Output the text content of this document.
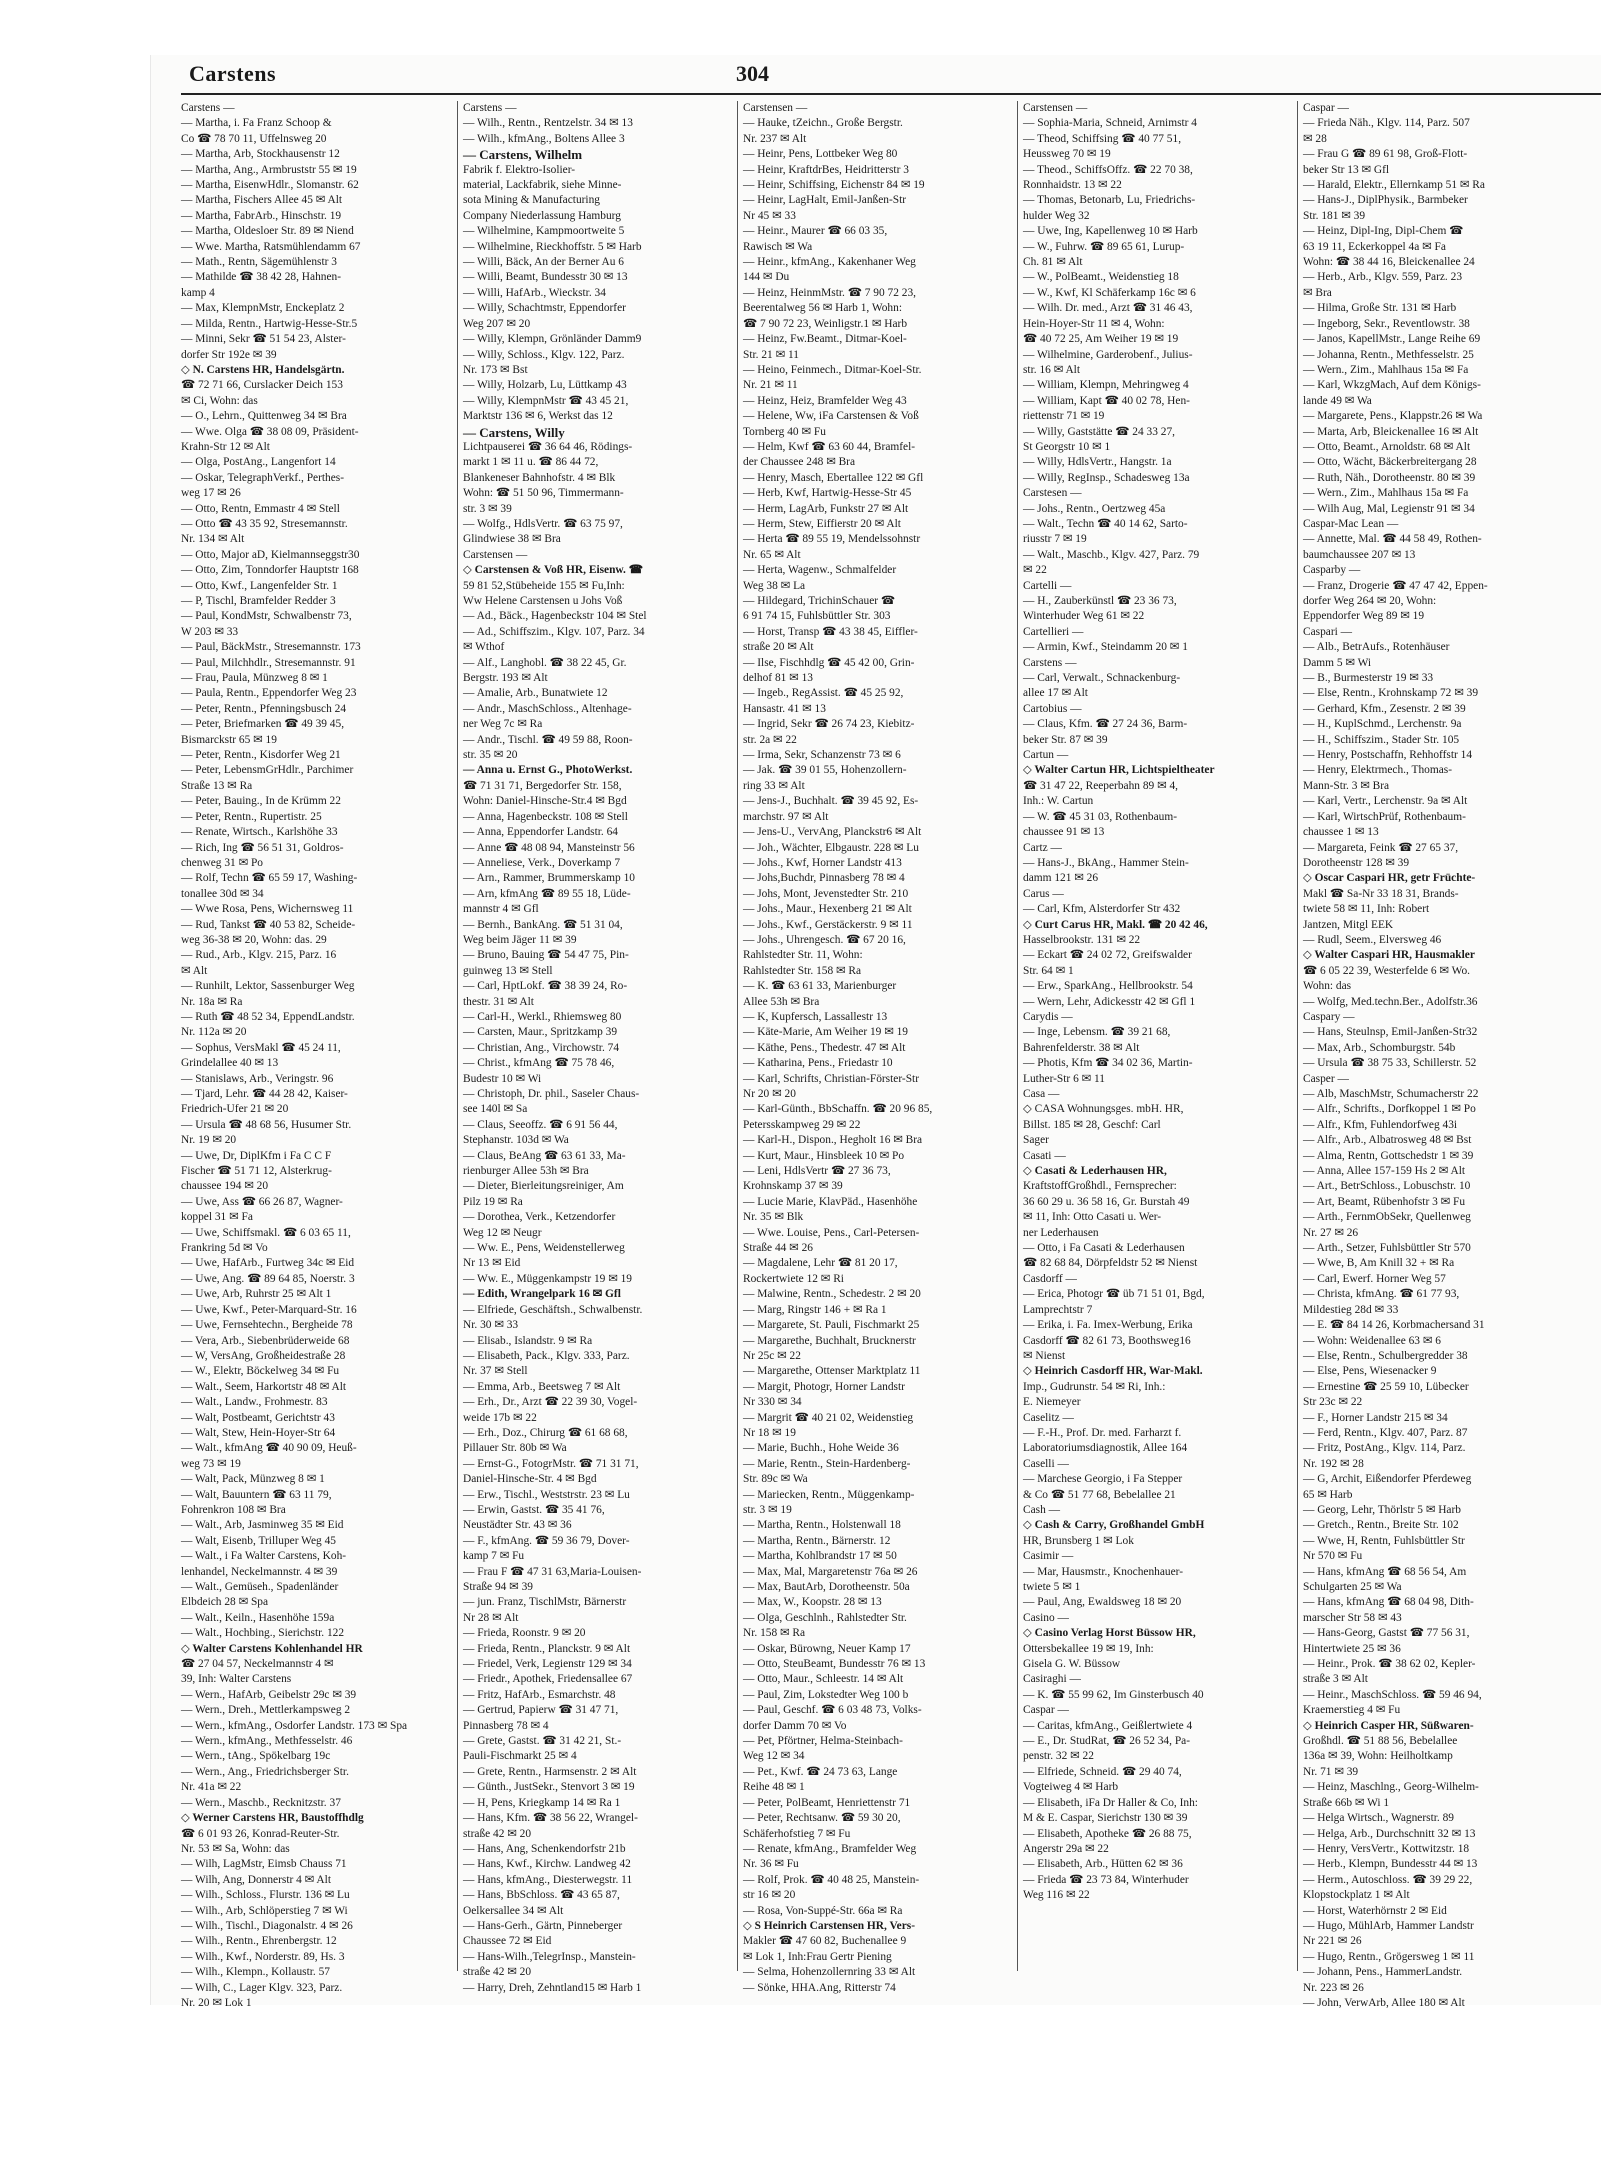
Carstens	304
Carstens —
— Martha, i. Fa Franz Schoop &
Co ☎ 78 70 11, Uffelnsweg 20
— Martha, Arb, Stockhausenstr 12
— Martha, Ang., Armbruststr 55 ✉ 19
— Martha, EisenwHdlr., Slomanstr. 62
— Martha, Fischers Allee 45 ✉ Alt
— Martha, FabrArb., Hinschstr. 19
— Martha, Oldesloer Str. 89 ✉ Niend
— Wwe. Martha, Ratsmühlendamm 67
— Math., Rentn, Sägemühlenstr 3
— Mathilde ☎ 38 42 28, Hahnen-
kamp 4
— Max, KlempnMstr, Enckeplatz 2
— Milda, Rentn., Hartwig-Hesse-Str.5
— Minni, Sekr ☎ 51 54 23, Alster-
dorfer Str 192e ✉ 39
◇ N. Carstens HR, Handelsgärtn.
☎ 72 71 66, Curslacker Deich 153
✉ Ci, Wohn: das
— O., Lehrn., Quittenweg 34 ✉ Bra
— Wwe. Olga ☎ 38 08 09, Präsident-
Krahn-Str 12 ✉ Alt
— Olga, PostAng., Langenfort 14
— Oskar, TelegraphVerkf., Perthes-
weg 17 ✉ 26
— Otto, Rentn, Emmastr 4 ✉ Stell
— Otto ☎ 43 35 92, Stresemannstr.
Nr. 134 ✉ Alt
— Otto, Major aD, Kielmannseggstr30
— Otto, Zim, Tonndorfer Hauptstr 168
— Otto, Kwf., Langenfelder Str. 1
— P, Tischl, Bramfelder Redder 3
— Paul, KondMstr, Schwalbenstr 73,
W 203 ✉ 33
— Paul, BäckMstr., Stresemannstr. 173
— Paul, Milchhdlr., Stresemannstr. 91
— Frau, Paula, Münzweg 8 ✉ 1
— Paula, Rentn., Eppendorfer Weg 23
— Peter, Rentn., Pfenningsbusch 24
— Peter, Briefmarken ☎ 49 39 45,
Bismarckstr 65 ✉ 19
— Peter, Rentn., Kisdorfer Weg 21
— Peter, LebensmGrHdlr., Parchimer
Straße 13 ✉ Ra
— Peter, Bauing., In de Krümm 22
— Peter, Rentn., Rupertistr. 25
— Renate, Wirtsch., Karlshöhe 33
— Rich, Ing ☎ 56 51 31, Goldros-
chenweg 31 ✉ Po
— Rolf, Techn ☎ 65 59 17, Washing-
tonallee 30d ✉ 34
— Wwe Rosa, Pens, Wichernsweg 11
— Rud, Tankst ☎ 40 53 82, Scheide-
weg 36-38 ✉ 20, Wohn: das. 29
— Rud., Arb., Klgv. 215, Parz. 16
✉ Alt
— Runhilt, Lektor, Sassenburger Weg
Nr. 18a ✉ Ra
— Ruth ☎ 48 52 34, EppendLandstr.
Nr. 112a ✉ 20
— Sophus, VersMakl ☎ 45 24 11,
Grindelallee 40 ✉ 13
— Stanislaws, Arb., Veringstr. 96
— Tjard, Lehr. ☎ 44 28 42, Kaiser-
Friedrich-Ufer 21 ✉ 20
— Ursula ☎ 48 68 56, Husumer Str.
Nr. 19 ✉ 20
— Uwe, Dr, DiplKfm i Fa C C F
Fischer ☎ 51 71 12, Alsterkrug-
chaussee 194 ✉ 20
— Uwe, Ass ☎ 66 26 87, Wagner-
koppel 31 ✉ Fa
— Uwe, Schiffsmakl. ☎ 6 03 65 11,
Frankring 5d ✉ Vo
— Uwe, HafArb., Furtweg 34c ✉ Eid
— Uwe, Ang. ☎ 89 64 85, Noerstr. 3
— Uwe, Arb, Ruhrstr 25 ✉ Alt 1
— Uwe, Kwf., Peter-Marquard-Str. 16
— Uwe, Fernsehtechn., Bergheide 78
— Vera, Arb., Siebenbrüderweide 68
— W, VersAng, Großheidestraße 28
— W., Elektr, Böckelweg 34 ✉ Fu
— Walt., Seem, Harkortstr 48 ✉ Alt
— Walt., Landw., Frohmestr. 83
— Walt, Postbeamt, Gerichtstr 43
— Walt, Stew, Hein-Hoyer-Str 64
— Walt., kfmAng ☎ 40 90 09, Heuß-
weg 73 ✉ 19
— Walt, Pack, Münzweg 8 ✉ 1
— Walt, Bauuntern ☎ 63 11 79,
Fohrenkron 108 ✉ Bra
— Walt., Arb, Jasminweg 35 ✉ Eid
— Walt, Eisenb, Trilluper Weg 45
— Walt., i Fa Walter Carstens, Koh-
lenhandel, Neckelmannstr. 4 ✉ 39
— Walt., Gemüseh., Spadenländer
Elbdeich 28 ✉ Spa
— Walt., Keiln., Hasenhöhe 159a
— Walt., Hochbing., Sierichstr. 122
◇ Walter Carstens Kohlenhandel HR
☎ 27 04 57, Neckelmannstr 4 ✉
39, Inh: Walter Carstens
— Wern., HafArb, Geibelstr 29c ✉ 39
— Wern., Dreh., Mettlerkampsweg 2
— Wern., kfmAng., Osdorfer Landstr. 173 ✉ Spa
— Wern., kfmAng., Methfesselstr. 46
— Wern., tAng., Spökelbarg 19c
— Wern., Ang., Friedrichsberger Str.
Nr. 41a ✉ 22
— Wern., Maschb., Recknitzstr. 37
◇ Werner Carstens HR, Baustoffhdlg
☎ 6 01 93 26, Konrad-Reuter-Str.
Nr. 53 ✉ Sa, Wohn: das
— Wilh, LagMstr, Eimsb Chauss 71
— Wilh, Ang, Donnerstr 4 ✉ Alt
— Wilh., Schloss., Flurstr. 136 ✉ Lu
— Wilh., Arb, Schlöperstieg 7 ✉ Wi
— Wilh., Tischl., Diagonalstr. 4 ✉ 26
— Wilh., Rentn., Ehrenbergstr. 12
— Wilh., Kwf., Norderstr. 89, Hs. 3
— Wilh., Klempn., Kollaustr. 57
— Wilh, C., Lager Klgv. 323, Parz.
Nr. 20 ✉ Lok 1
Carstens —
— Wilh., Rentn., Rentzelstr. 34 ✉ 13
— Wilh., kfmAng., Boltens Allee 3
— Carstens, Wilhelm
Fabrik f. Elektro-Isolier-
material, Lackfabrik, siehe Minne-
sota Mining & Manufacturing
Company Niederlassung Hamburg
— Wilhelmine, Kampmoortweite 5
— Wilhelmine, Rieckhoffstr. 5 ✉ Harb
— Willi, Bäck, An der Berner Au 6
— Willi, Beamt, Bundesstr 30 ✉ 13
— Willi, HafArb., Wieckstr. 34
— Willy, Schachtmstr, Eppendorfer
Weg 207 ✉ 20
— Willy, Klempn, Grönländer Damm9
— Willy, Schloss., Klgv. 122, Parz.
Nr. 173 ✉ Bst
— Willy, Holzarb, Lu, Lüttkamp 43
— Willy, KlempnMstr ☎ 43 45 21,
Marktstr 136 ✉ 6, Werkst das 12
— Carstens, Willy
Lichtpauserei ☎ 36 64 46, Rödings-
markt 1 ✉ 11 u. ☎ 86 44 72,
Blankeneser Bahnhofstr. 4 ✉ Blk
Wohn: ☎ 51 50 96, Timmermann-
str. 3 ✉ 39
— Wolfg., HdlsVertr. ☎ 63 75 97,
Glindwiese 38 ✉ Bra
Carstensen —
◇ Carstensen & Voß HR, Eisenw. ☎
59 81 52,Stübeheide 155 ✉ Fu,Inh:
Ww Helene Carstensen u Johs Voß
— Ad., Bäck., Hagenbeckstr 104 ✉ Stel
— Ad., Schiffszim., Klgv. 107, Parz. 34
✉ Wthof
— Alf., Langhobl. ☎ 38 22 45, Gr.
Bergstr. 193 ✉ Alt
— Amalie, Arb., Bunatwiete 12
— Andr., MaschSchloss., Altenhage-
ner Weg 7c ✉ Ra
— Andr., Tischl. ☎ 49 59 88, Roon-
str. 35 ✉ 20
— Anna u. Ernst G., PhotoWerkst.
☎ 71 31 71, Bergedorfer Str. 158,
Wohn: Daniel-Hinsche-Str.4 ✉ Bgd
— Anna, Hagenbeckstr. 108 ✉ Stell
— Anna, Eppendorfer Landstr. 64
— Anne ☎ 48 08 94, Mansteinstr 56
— Anneliese, Verk., Doverkamp 7
— Arn., Rammer, Brummerskamp 10
— Arn, kfmAng ☎ 89 55 18, Lüde-
mannstr 4 ✉ Gfl
— Bernh., BankAng. ☎ 51 31 04,
Weg beim Jäger 11 ✉ 39
— Bruno, Bauing ☎ 54 47 75, Pin-
guinweg 13 ✉ Stell
— Carl, HptLokf. ☎ 38 39 24, Ro-
thestr. 31 ✉ Alt
— Carl-H., Werkl., Rhiemsweg 80
— Carsten, Maur., Spritzkamp 39
— Christian, Ang., Virchowstr. 74
— Christ., kfmAng ☎ 75 78 46,
Budestr 10 ✉ Wi
— Christoph, Dr. phil., Saseler Chaus-
see 140l ✉ Sa
— Claus, Seeoffz. ☎ 6 91 56 44,
Stephanstr. 103d ✉ Wa
— Claus, BeAng ☎ 63 61 33, Ma-
rienburger Allee 53h ✉ Bra
— Dieter, Bierleitungsreiniger, Am
Pilz 19 ✉ Ra
— Dorothea, Verk., Ketzendorfer
Weg 12 ✉ Neugr
— Ww. E., Pens, Weidenstellerweg
Nr 13 ✉ Eid
— Ww. E., Müggenkampstr 19 ✉ 19
— Edith, Wrangelpark 16 ✉ Gfl
— Elfriede, Geschäftsh., Schwalbenstr.
Nr. 30 ✉ 33
— Elisab., Islandstr. 9 ✉ Ra
— Elisabeth, Pack., Klgv. 333, Parz.
Nr. 37 ✉ Stell
— Emma, Arb., Beetsweg 7 ✉ Alt
— Erh., Dr., Arzt ☎ 22 39 30, Vogel-
weide 17b ✉ 22
— Erh., Doz., Chirurg ☎ 61 68 68,
Pillauer Str. 80b ✉ Wa
— Ernst-G., FotogrMstr. ☎ 71 31 71,
Daniel-Hinsche-Str. 4 ✉ Bgd
— Erw., Tischl., Weststrstr. 23 ✉ Lu
— Erwin, Gastst. ☎ 35 41 76,
Neustädter Str. 43 ✉ 36
— F., kfmAng. ☎ 59 36 79, Dover-
kamp 7 ✉ Fu
— Frau F ☎ 47 31 63,Maria-Louisen-
Straße 94 ✉ 39
— jun. Franz, TischlMstr, Bärnerstr
Nr 28 ✉ Alt
— Frieda, Roonstr. 9 ✉ 20
— Frieda, Rentn., Planckstr. 9 ✉ Alt
— Friedel, Verk, Legienstr 129 ✉ 34
— Friedr., Apothek, Friedensallee 67
— Fritz, HafArb., Esmarchstr. 48
— Gertrud, Papierw ☎ 31 47 71,
Pinnasberg 78 ✉ 4
— Grete, Gastst. ☎ 31 42 21, St.-
Pauli-Fischmarkt 25 ✉ 4
— Grete, Rentn., Harmsenstr. 2 ✉ Alt
— Günth., JustSekr., Stenvort 3 ✉ 19
— H, Pens, Kriegkamp 14 ✉ Ra 1
— Hans, Kfm. ☎ 38 56 22, Wrangel-
straße 42 ✉ 20
— Hans, Ang, Schenkendorfstr 21b
— Hans, Kwf., Kirchw. Landweg 42
— Hans, kfmAng., Diesterwegstr. 11
— Hans, BbSchloss. ☎ 43 65 87,
Oelkersallee 34 ✉ Alt
— Hans-Gerh., Gärtn, Pinneberger
Chaussee 72 ✉ Eid
— Hans-Wilh.,TelegrInsp., Manstein-
straße 42 ✉ 20
— Harry, Dreh, Zehntland15 ✉ Harb 1
Carstensen —
— Hauke, tZeichn., Große Bergstr.
Nr. 237 ✉ Alt
— Heinr, Pens, Lottbeker Weg 80
— Heinr, KraftdrBes, Heidritterstr 3
— Heinr, Schiffsing, Eichenstr 84 ✉ 19
— Heinr, LagHalt, Emil-Janßen-Str
Nr 45 ✉ 33
— Heinr., Maurer ☎ 66 03 35,
Rawisch ✉ Wa
— Heinr., kfmAng., Kakenhaner Weg
144 ✉ Du
— Heinz, HeinmMstr. ☎ 7 90 72 23,
Beerentalweg 56 ✉ Harb 1, Wohn:
☎ 7 90 72 23, Weinligstr.1 ✉ Harb
— Heinz, Fw.Beamt., Ditmar-Koel-
Str. 21 ✉ 11
— Heino, Feinmech., Ditmar-Koel-Str.
Nr. 21 ✉ 11
— Heinz, Heiz, Bramfelder Weg 43
— Helene, Ww, iFa Carstensen & Voß
Tornberg 40 ✉ Fu
— Helm, Kwf ☎ 63 60 44, Bramfel-
der Chaussee 248 ✉ Bra
— Henry, Masch, Ebertallee 122 ✉ Gfl
— Herb, Kwf, Hartwig-Hesse-Str 45
— Herm, LagArb, Funkstr 27 ✉ Alt
— Herm, Stew, Eiffierstr 20 ✉ Alt
— Herta ☎ 89 55 19, Mendelssohnstr
Nr. 65 ✉ Alt
— Herta, Wagenw., Schmalfelder
Weg 38 ✉ La
— Hildegard, TrichinSchauer ☎
6 91 74 15, Fuhlsbüttler Str. 303
— Horst, Transp ☎ 43 38 45, Eiffler-
straße 20 ✉ Alt
— Ilse, Fischhdlg ☎ 45 42 00, Grin-
delhof 81 ✉ 13
— Ingeb., RegAssist. ☎ 45 25 92,
Hansastr. 41 ✉ 13
— Ingrid, Sekr ☎ 26 74 23, Kiebitz-
str. 2a ✉ 22
— Irma, Sekr, Schanzenstr 73 ✉ 6
— Jak. ☎ 39 01 55, Hohenzollern-
ring 33 ✉ Alt
— Jens-J., Buchhalt. ☎ 39 45 92, Es-
marchstr. 97 ✉ Alt
— Jens-U., VervAng, Planckstr6 ✉ Alt
— Joh., Wächter, Elbgaustr. 228 ✉ Lu
— Johs., Kwf, Horner Landstr 413
— Johs,Buchdr, Pinnasberg 78 ✉ 4
— Johs, Mont, Jevenstedter Str. 210
— Johs., Maur., Hexenberg 21 ✉ Alt
— Johs., Kwf., Gerstäckerstr. 9 ✉ 11
— Johs., Uhrengesch. ☎ 67 20 16,
Rahlstedter Str. 11, Wohn:
Rahlstedter Str. 158 ✉ Ra
— K. ☎ 63 61 33, Marienburger
Allee 53h ✉ Bra
— K, Kupfersch, Lassallestr 13
— Käte-Marie, Am Weiher 19 ✉ 19
— Käthe, Pens., Thedestr. 47 ✉ Alt
— Katharina, Pens., Friedastr 10
— Karl, Schrifts, Christian-Förster-Str
Nr 20 ✉ 20
— Karl-Günth., BbSchaffn. ☎ 20 96 85,
Petersskampweg 29 ✉ 22
— Karl-H., Dispon., Hegholt 16 ✉ Bra
— Kurt, Maur., Hinsbleek 10 ✉ Po
— Leni, HdlsVertr ☎ 27 36 73,
Krohnskamp 37 ✉ 39
— Lucie Marie, KlavPäd., Hasenhöhe
Nr. 35 ✉ Blk
— Wwe. Louise, Pens., Carl-Petersen-
Straße 44 ✉ 26
— Magdalene, Lehr ☎ 81 20 17,
Rockertwiete 12 ✉ Ri
— Malwine, Rentn., Schedestr. 2 ✉ 20
— Marg, Ringstr 146 + ✉ Ra 1
— Margarete, St. Pauli, Fischmarkt 25
— Margarethe, Buchhalt, Brucknerstr
Nr 25c ✉ 22
— Margarethe, Ottenser Marktplatz 11
— Margit, Photogr, Horner Landstr
Nr 330 ✉ 34
— Margrit ☎ 40 21 02, Weidenstieg
Nr 18 ✉ 19
— Marie, Buchh., Hohe Weide 36
— Marie, Rentn., Stein-Hardenberg-
Str. 89c ✉ Wa
— Mariecken, Rentn., Müggenkamp-
str. 3 ✉ 19
— Martha, Rentn., Holstenwall 18
— Martha, Rentn., Bärnerstr. 12
— Martha, Kohlbrandstr 17 ✉ 50
— Max, Mal, Margaretenstr 76a ✉ 26
— Max, BautArb, Dorotheenstr. 50a
— Max, W., Koopstr. 28 ✉ 13
— Olga, Geschlnh., Rahlstedter Str.
Nr. 158 ✉ Ra
— Oskar, Bürowng, Neuer Kamp 17
— Otto, SteuBeamt, Bundesstr 76 ✉ 13
— Otto, Maur., Schleestr. 14 ✉ Alt
— Paul, Zim, Lokstedter Weg 100 b
— Paul, Geschf. ☎ 6 03 48 73, Volks-
dorfer Damm 70 ✉ Vo
— Pet, Pförtner, Helma-Steinbach-
Weg 12 ✉ 34
— Pet., Kwf. ☎ 24 73 63, Lange
Reihe 48 ✉ 1
— Peter, PolBeamt, Henriettenstr 71
— Peter, Rechtsanw. ☎ 59 30 20,
Schäferhofstieg 7 ✉ Fu
— Renate, kfmAng., Bramfelder Weg
Nr. 36 ✉ Fu
— Rolf, Prok. ☎ 40 48 25, Manstein-
str 16 ✉ 20
— Rosa, Von-Suppé-Str. 66a ✉ Ra
◇ S Heinrich Carstensen HR, Vers-
Makler ☎ 47 60 82, Buchenallee 9
✉ Lok 1, Inh:Frau Gertr Piening
— Selma, Hohenzollernring 33 ✉ Alt
— Sönke, HHA.Ang, Ritterstr 74
Carstensen —
— Sophia-Maria, Schneid, Arnimstr 4
— Theod, Schiffsing ☎ 40 77 51,
Heussweg 70 ✉ 19
— Theod., SchiffsOffz. ☎ 22 70 38,
Ronnhaidstr. 13 ✉ 22
— Thomas, Betonarb, Lu, Friedrichs-
hulder Weg 32
— Uwe, Ing, Kapellenweg 10 ✉ Harb
— W., Fuhrw. ☎ 89 65 61, Lurup-
Ch. 81 ✉ Alt
— W., PolBeamt., Weidenstieg 18
— W., Kwf, Kl Schäferkamp 16c ✉ 6
— Wilh. Dr. med., Arzt ☎ 31 46 43,
Hein-Hoyer-Str 11 ✉ 4, Wohn:
☎ 40 72 25, Am Weiher 19 ✉ 19
— Wilhelmine, Garderobenf., Julius-
str. 16 ✉ Alt
— William, Klempn, Mehringweg 4
— William, Kapt ☎ 40 02 78, Hen-
riettenstr 71 ✉ 19
— Willy, Gaststätte ☎ 24 33 27,
St Georgstr 10 ✉ 1
— Willy, HdlsVertr., Hangstr. 1a
— Willy, RegInsp., Schadesweg 13a
Carstesen —
— Johs., Rentn., Oertzweg 45a
— Walt., Techn ☎ 40 14 62, Sarto-
riusstr 7 ✉ 19
— Walt., Maschb., Klgv. 427, Parz. 79
✉ 22
Cartelli —
— H., Zauberkünstl ☎ 23 36 73,
Winterhuder Weg 61 ✉ 22
Cartellieri —
— Armin, Kwf., Steindamm 20 ✉ 1
Carstens —
— Carl, Verwalt., Schnackenburg-
allee 17 ✉ Alt
Cartobius —
— Claus, Kfm. ☎ 27 24 36, Barm-
beker Str. 87 ✉ 39
Cartun —
◇ Walter Cartun HR, Lichtspieltheater
☎ 31 47 22, Reeperbahn 89 ✉ 4,
Inh.: W. Cartun
— W. ☎ 45 31 03, Rothenbaum-
chaussee 91 ✉ 13
Cartz —
— Hans-J., BkAng., Hammer Stein-
damm 121 ✉ 26
Carus —
— Carl, Kfm, Alsterdorfer Str 432
◇ Curt Carus HR, Makl. ☎ 20 42 46,
Hasselbrookstr. 131 ✉ 22
— Eckart ☎ 24 02 72, Greifswalder
Str. 64 ✉ 1
— Erw., SparkAng., Hellbrookstr. 54
— Wern, Lehr, Adickesstr 42 ✉ Gfl 1
Carydis —
— Inge, Lebensm. ☎ 39 21 68,
Bahrenfelderstr. 38 ✉ Alt
— Photis, Kfm ☎ 34 02 36, Martin-
Luther-Str 6 ✉ 11
Casa —
◇ CASA Wohnungsges. mbH. HR,
Billst. 185 ✉ 28, Geschf: Carl
Sager
Casati —
◇ Casati & Lederhausen HR,
KraftstoffGroßhdl., Fernsprecher:
36 60 29 u. 36 58 16, Gr. Burstah 49
✉ 11, Inh: Otto Casati u. Wer-
ner Lederhausen
— Otto, i Fa Casati & Lederhausen
☎ 82 68 84, Dörpfeldstr 52 ✉ Nienst
Casdorff —
— Erica, Photogr ☎ üb 71 51 01, Bgd,
Lamprechtstr 7
— Erika, i. Fa. Imex-Werbung, Erika
Casdorff ☎ 82 61 73, Boothsweg16
✉ Nienst
◇ Heinrich Casdorff HR, War-Makl.
Imp., Gudrunstr. 54 ✉ Ri, Inh.:
E. Niemeyer
Caselitz —
— F.-H., Prof. Dr. med. Farharzt f.
Laboratoriumsdiagnostik, Allee 164
Caselli —
— Marchese Georgio, i Fa Stepper
& Co ☎ 51 77 68, Bebelallee 21
Cash —
◇ Cash & Carry, Großhandel GmbH
HR, Brunsberg 1 ✉ Lok
Casimir —
— Mar, Hausmstr., Knochenhauer-
twiete 5 ✉ 1
— Paul, Ang, Ewaldsweg 18 ✉ 20
Casino —
◇ Casino Verlag Horst Büssow HR,
Ottersbekallee 19 ✉ 19, Inh:
Gisela G. W. Büssow
Casiraghi —
— K. ☎ 55 99 62, Im Ginsterbusch 40
Caspar —
— Caritas, kfmAng., Geißlertwiete 4
— E., Dr. StudRat, ☎ 26 52 34, Pa-
penstr. 32 ✉ 22
— Elfriede, Schneid. ☎ 29 40 74,
Vogteiweg 4 ✉ Harb
— Elisabeth, iFa Dr Haller & Co, Inh:
M & E. Caspar, Sierichstr 130 ✉ 39
— Elisabeth, Apotheke ☎ 26 88 75,
Angerstr 29a ✉ 22
— Elisabeth, Arb., Hütten 62 ✉ 36
— Frieda ☎ 23 73 84, Winterhuder
Weg 116 ✉ 22
Caspar —
— Frieda Näh., Klgv. 114, Parz. 507
✉ 28
— Frau G ☎ 89 61 98, Groß-Flott-
beker Str 13 ✉ Gfl
— Harald, Elektr., Ellernkamp 51 ✉ Ra
— Hans-J., DiplPhysik., Barmbeker
Str. 181 ✉ 39
— Heinz, Dipl-Ing, Dipl-Chem ☎
63 19 11, Eckerkoppel 4a ✉ Fa
Wohn: ☎ 38 44 16, Bleickenallee 24
— Herb., Arb., Klgv. 559, Parz. 23
✉ Bra
— Hilma, Große Str. 131 ✉ Harb
— Ingeborg, Sekr., Reventlowstr. 38
— Janos, KapellMstr., Lange Reihe 69
— Johanna, Rentn., Methfesselstr. 25
— Wern., Zim., Mahlhaus 15a ✉ Fa
— Karl, WkzgMach, Auf dem Königs-
lande 49 ✉ Wa
— Margarete, Pens., Klappstr.26 ✉ Wa
— Marta, Arb, Bleickenallee 16 ✉ Alt
— Otto, Beamt., Arnoldstr. 68 ✉ Alt
— Otto, Wächt, Bäckerbreitergang 28
— Ruth, Näh., Dorotheenstr. 80 ✉ 39
— Wern., Zim., Mahlhaus 15a ✉ Fa
— Wilh Aug, Mal, Legienstr 91 ✉ 34
Caspar-Mac Lean —
— Annette, Mal. ☎ 44 58 49, Rothen-
baumchaussee 207 ✉ 13
Casparby —
— Franz, Drogerie ☎ 47 47 42, Eppen-
dorfer Weg 264 ✉ 20, Wohn:
Eppendorfer Weg 89 ✉ 19
Caspari —
— Alb., BetrAufs., Rotenhäuser
Damm 5 ✉ Wi
— B., Burmesterstr 19 ✉ 33
— Else, Rentn., Krohnskamp 72 ✉ 39
— Gerhard, Kfm., Zesenstr. 2 ✉ 39
— H., KuplSchmd., Lerchenstr. 9a
— H., Schiffszim., Stader Str. 105
— Henry, Postschaffn, Rehhoffstr 14
— Henry, Elektrmech., Thomas-
Mann-Str. 3 ✉ Bra
— Karl, Vertr., Lerchenstr. 9a ✉ Alt
— Karl, WirtschPrüf, Rothenbaum-
chaussee 1 ✉ 13
— Margareta, Feink ☎ 27 65 37,
Dorotheenstr 128 ✉ 39
◇ Oscar Caspari HR, getr Früchte-
Makl ☎ Sa-Nr 33 18 31, Brands-
twiete 58 ✉ 11, Inh: Robert
Jantzen, Mitgl EEK
— Rudl, Seem., Elversweg 46
◇ Walter Caspari HR, Hausmakler
☎ 6 05 22 39, Westerfelde 6 ✉ Wo.
Wohn: das
— Wolfg, Med.techn.Ber., Adolfstr.36
Caspary —
— Hans, Steulnsp, Emil-Janßen-Str32
— Max, Arb., Schomburgstr. 54b
— Ursula ☎ 38 75 33, Schillerstr. 52
Casper —
— Alb, MaschMstr, Schumacherstr 22
— Alfr., Schrifts., Dorfkoppel 1 ✉ Po
— Alfr., Kfm, Fuhlendorfweg 43i
— Alfr., Arb., Albatrosweg 48 ✉ Bst
— Alma, Rentn, Gottschedstr 1 ✉ 39
— Anna, Allee 157-159 Hs 2 ✉ Alt
— Art., BetrSchloss., Lobuschstr. 10
— Art, Beamt, Rübenhofstr 3 ✉ Fu
— Arth., FernmObSekr, Quellenweg
Nr. 27 ✉ 26
— Arth., Setzer, Fuhlsbüttler Str 570
— Wwe, B, Am Knill 32 + ✉ Ra
— Carl, Ewerf. Horner Weg 57
— Christa, kfmAng. ☎ 61 77 93,
Mildestieg 28d ✉ 33
— E. ☎ 84 14 26, Korbmachersand 31
— Wohn: Weidenallee 63 ✉ 6
— Else, Rentn., Schulbergredder 38
— Else, Pens, Wiesenacker 9
— Ernestine ☎ 25 59 10, Lübecker
Str 23c ✉ 22
— F., Horner Landstr 215 ✉ 34
— Ferd, Rentn., Klgv. 407, Parz. 87
— Fritz, PostAng., Klgv. 114, Parz.
Nr. 192 ✉ 28
— G, Archit, Eißendorfer Pferdeweg
65 ✉ Harb
— Georg, Lehr, Thörlstr 5 ✉ Harb
— Gretch., Rentn., Breite Str. 102
— Wwe, H, Rentn, Fuhlsbüttler Str
Nr 570 ✉ Fu
— Hans, kfmAng ☎ 68 56 54, Am
Schulgarten 25 ✉ Wa
— Hans, kfmAng ☎ 68 04 98, Dith-
marscher Str 58 ✉ 43
— Hans-Georg, Gastst ☎ 77 56 31,
Hintertwiete 25 ✉ 36
— Heinr., Prok. ☎ 38 62 02, Kepler-
straße 3 ✉ Alt
— Heinr., MaschSchloss. ☎ 59 46 94,
Kraemerstieg 4 ✉ Fu
◇ Heinrich Casper HR, Süßwaren-
Großhdl. ☎ 51 88 56, Bebelallee
136a ✉ 39, Wohn: Heilholtkamp
Nr. 71 ✉ 39
— Heinz, Maschlng., Georg-Wilhelm-
Straße 66b ✉ Wi 1
— Helga Wirtsch., Wagnerstr. 89
— Helga, Arb., Durchschnitt 32 ✉ 13
— Henry, VersVertr., Kottwitzstr. 18
— Herb., Klempn, Bundesstr 44 ✉ 13
— Herm., Autoschloss. ☎ 39 29 22,
Klopstockplatz 1 ✉ Alt
— Horst, Waterhörnstr 2 ✉ Eid
— Hugo, MühlArb, Hammer Landstr
Nr 221 ✉ 26
— Hugo, Rentn., Grögersweg 1 ✉ 11
— Johann, Pens., HammerLandstr.
Nr. 223 ✉ 26
— John, VerwArb, Allee 180 ✉ Alt
